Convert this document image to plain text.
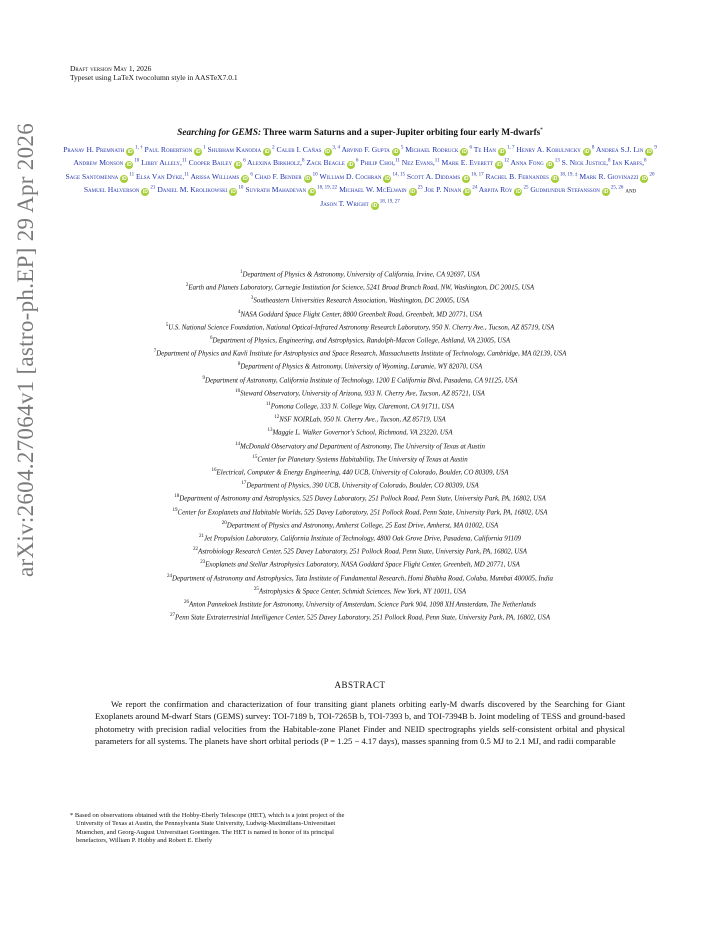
arXiv:2604.27064v1 [astro-ph.EP] 29 Apr 2026
Draft version May 1, 2026
Typeset using LaTeX twocolumn style in AASTeX7.0.1
Searching for GEMS: Three warm Saturns and a super-Jupiter orbiting four early M-dwarfs*
Pranav H. Premnath $iD^{1, \dagger}$ Paul Robertson $iD^1$ Shubham Kanodia $iD^2$ Caleb I. Cañas iD$^{3, 4}$ Arvind F. Gupta $iD^5$ Michael Rodruck $iD^6$ Te Han iD$^{1, 7}$ Henry A. Kobulnicky $iD^8$ Andrea S.J. Lin $iD^9$ Andrew Monson $iD^{10}$ Libby Allely,$^{11}$ Cooper Bailey $iD^6$ Alexina Birkholz,$^8$ Zack Beagle $iD^6$ Philip Choi,$^{11}$ Nez Evans,$^{11}$ Mark E. Everett $iD^{12}$ Anna Fong $iD^{13}$ S. Nick Justice,$^8$ Ian Karfs,$^8$ Sage Santomenna $iD^{11}$ Elsa Van Dyke,$^{11}$ Arissa Williams $iD^6$ Chad F. Bender $iD^{10}$ William D. Cochran iD$^{14, 15}$ Scott A. Diddams iD$^{16, 17}$ Rachel B. Fernandes $iD^{18, 19, \ddagger}$ Mark R. Giovinazzi $iD^{20}$ Samuel Halverson $iD^{21}$ Daniel M. Krolikowski $iD^{10}$ Suvrath Mahadevan iD$^{18, 19, 22}$ Michael W. McElwain $iD^{23}$ Joe P. Ninan $iD^{24}$ Arpita Roy $iD^{25}$ Gudmundur Stefansson iD$^{25, 26}$ and Jason T. Wright iD$^{18, 19, 27}$
$^1$Department of Physics & Astronomy, University of California, Irvine, CA 92697, USA
$^2$Earth and Planets Laboratory, Carnegie Institution for Science, 5241 Broad Branch Road, NW, Washington, DC 20015, USA
$^3$Southeastern Universities Research Association, Washington, DC 20005, USA
$^4$NASA Goddard Space Flight Center, 8800 Greenbelt Road, Greenbelt, MD 20771, USA
$^5$U.S. National Science Foundation, National Optical-Infrared Astronomy Research Laboratory, 950 N. Cherry Ave., Tucson, AZ 85719, USA
$^6$Department of Physics, Engineering, and Astrophysics, Randolph-Macon College, Ashland, VA 23005, USA
$^7$Department of Physics and Kavli Institute for Astrophysics and Space Research, Massachusetts Institute of Technology, Cambridge, MA 02139, USA
$^8$Department of Physics & Astronomy, University of Wyoming, Laramie, WY 82070, USA
$^9$Department of Astronomy, California Institute of Technology, 1200 E California Blvd, Pasadena, CA 91125, USA
$^{10}$Steward Observatory, University of Arizona, 933 N. Cherry Ave, Tucson, AZ 85721, USA
$^{11}$Pomona College, 333 N. College Way, Claremont, CA 91711, USA
$^{12}$NSF NOIRLab, 950 N. Cherry Ave., Tucson, AZ 85719, USA
$^{13}$Maggie L. Walker Governor's School, Richmond, VA 23220, USA
$^{14}$McDonald Observatory and Department of Astronomy, The University of Texas at Austin
$^{15}$Center for Planetary Systems Habitability, The University of Texas at Austin
$^{16}$Electrical, Computer & Energy Engineering, 440 UCB, University of Colorado, Boulder, CO 80309, USA
$^{17}$Department of Physics, 390 UCB, University of Colorado, Boulder, CO 80309, USA
$^{18}$Department of Astronomy and Astrophysics, 525 Davey Laboratory, 251 Pollock Road, Penn State, University Park, PA, 16802, USA
$^{19}$Center for Exoplanets and Habitable Worlds, 525 Davey Laboratory, 251 Pollock Road, Penn State, University Park, PA, 16802, USA
$^{20}$Department of Physics and Astronomy, Amherst College, 25 East Drive, Amherst, MA 01002, USA
$^{21}$Jet Propulsion Laboratory, California Institute of Technology, 4800 Oak Grove Drive, Pasadena, California 91109
$^{22}$Astrobiology Research Center, 525 Davey Laboratory, 251 Pollock Road, Penn State, University Park, PA, 16802, USA
$^{23}$Exoplanets and Stellar Astrophysics Laboratory, NASA Goddard Space Flight Center, Greenbelt, MD 20771, USA
$^{24}$Department of Astronomy and Astrophysics, Tata Institute of Fundamental Research, Homi Bhabha Road, Colaba, Mumbai 400005, India
$^{25}$Astrophysics & Space Center, Schmidt Sciences, New York, NY 10011, USA
$^{26}$Anton Pannekoek Institute for Astronomy, University of Amsterdam, Science Park 904, 1098 XH Amsterdam, The Netherlands
$^{27}$Penn State Extraterrestrial Intelligence Center, 525 Davey Laboratory, 251 Pollock Road, Penn State, University Park, PA, 16802, USA
ABSTRACT
We report the confirmation and characterization of four transiting giant planets orbiting early-M dwarfs discovered by the Searching for Giant Exoplanets around M-dwarf Stars (GEMS) survey: TOI-7189 b, TOI-7265B b, TOI-7393 b, and TOI-7394B b. Joint modeling of TESS and ground-based photometry with precision radial velocities from the Habitable-zone Planet Finder and NEID spectrographs yields self-consistent orbital and physical parameters for all systems. The planets have short orbital periods (P = 1.25 − 4.17 days), masses spanning from 0.5 MJ to 2.1 MJ, and radii comparable
* Based on observations obtained with the Hobby-Eberly Telescope (HET), which is a joint project of the University of Texas at Austin, the Pennsylvania State University, Ludwig-Maximilians-Universitaet Muenchen, and Georg-August Universitaet Goettingen. The HET is named in honor of its principal benefactors, William P. Hobby and Robert E. Eberly
